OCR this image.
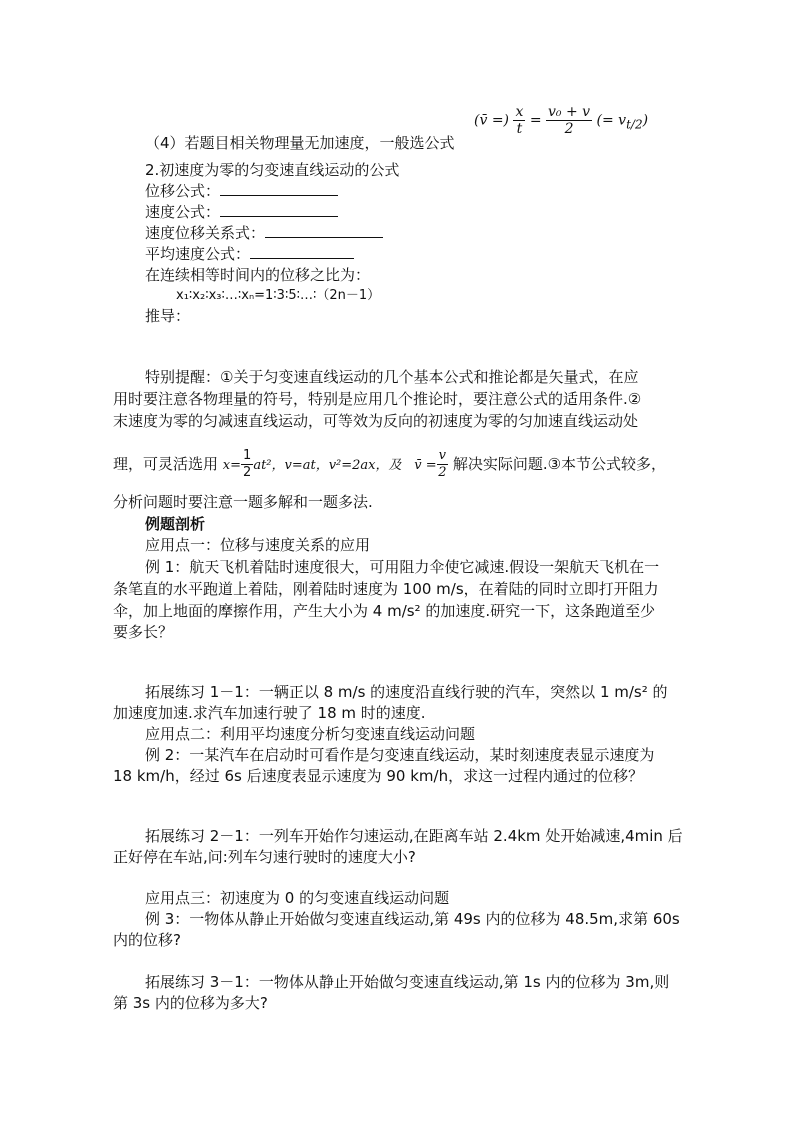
(v̄ =) $\frac{x}{t} = \frac{\text{v₀ + v}}{2}$ (= $v_{t/2}$)
（4）若题目相关物理量无加速度，一般选公式
2.初速度为零的匀变速直线运动的公式
位移公式：
速度公式：
速度位移关系式：
平均速度公式：
在连续相等时间内的位移之比为：
x₁∶x₂∶x₃∶…∶xₙ=1∶3∶5∶…∶（2n－1）
推导：
特别提醒：①关于匀变速直线运动的几个基本公式和推论都是矢量式，在应
用时要注意各物理量的符号，特别是应用几个推论时，要注意公式的适用条件.②
末速度为零的匀减速直线运动，可等效为反向的初速度为零的匀加速直线运动处
理，可灵活选用 $x= \frac{1}{2} at^2$，v=at，v²=2ax，及 v̄ = $\frac{v}{2}$ 解决实际问题.③本节公式较多，
分析问题时要注意一题多解和一题多法.
例题剖析
应用点一：位移与速度关系的应用
例 1：航天飞机着陆时速度很大，可用阻力伞使它减速.假设一架航天飞机在一
条笔直的水平跑道上着陆，刚着陆时速度为 100 m/s，在着陆的同时立即打开阻力
伞，加上地面的摩擦作用，产生大小为 4 m/s² 的加速度.研究一下，这条跑道至少
要多长？
拓展练习 1－1：一辆正以 8 m/s 的速度沿直线行驶的汽车，突然以 1 m/s² 的
加速度加速.求汽车加速行驶了 18 m 时的速度.
应用点二：利用平均速度分析匀变速直线运动问题
例 2：一某汽车在启动时可看作是匀变速直线运动，某时刻速度表显示速度为
18 km/h，经过 6s 后速度表显示速度为 90 km/h，求这一过程内通过的位移？
拓展练习 2－1：一列车开始作匀速运动,在距离车站 2.4km 处开始减速,4min 后
正好停在车站,问:列车匀速行驶时的速度大小?
应用点三：初速度为 0 的匀变速直线运动问题
例 3：一物体从静止开始做匀变速直线运动,第 49s 内的位移为 48.5m,求第 60s
内的位移?
拓展练习 3－1：一物体从静止开始做匀变速直线运动,第 1s 内的位移为 3m,则
第 3s 内的位移为多大?
